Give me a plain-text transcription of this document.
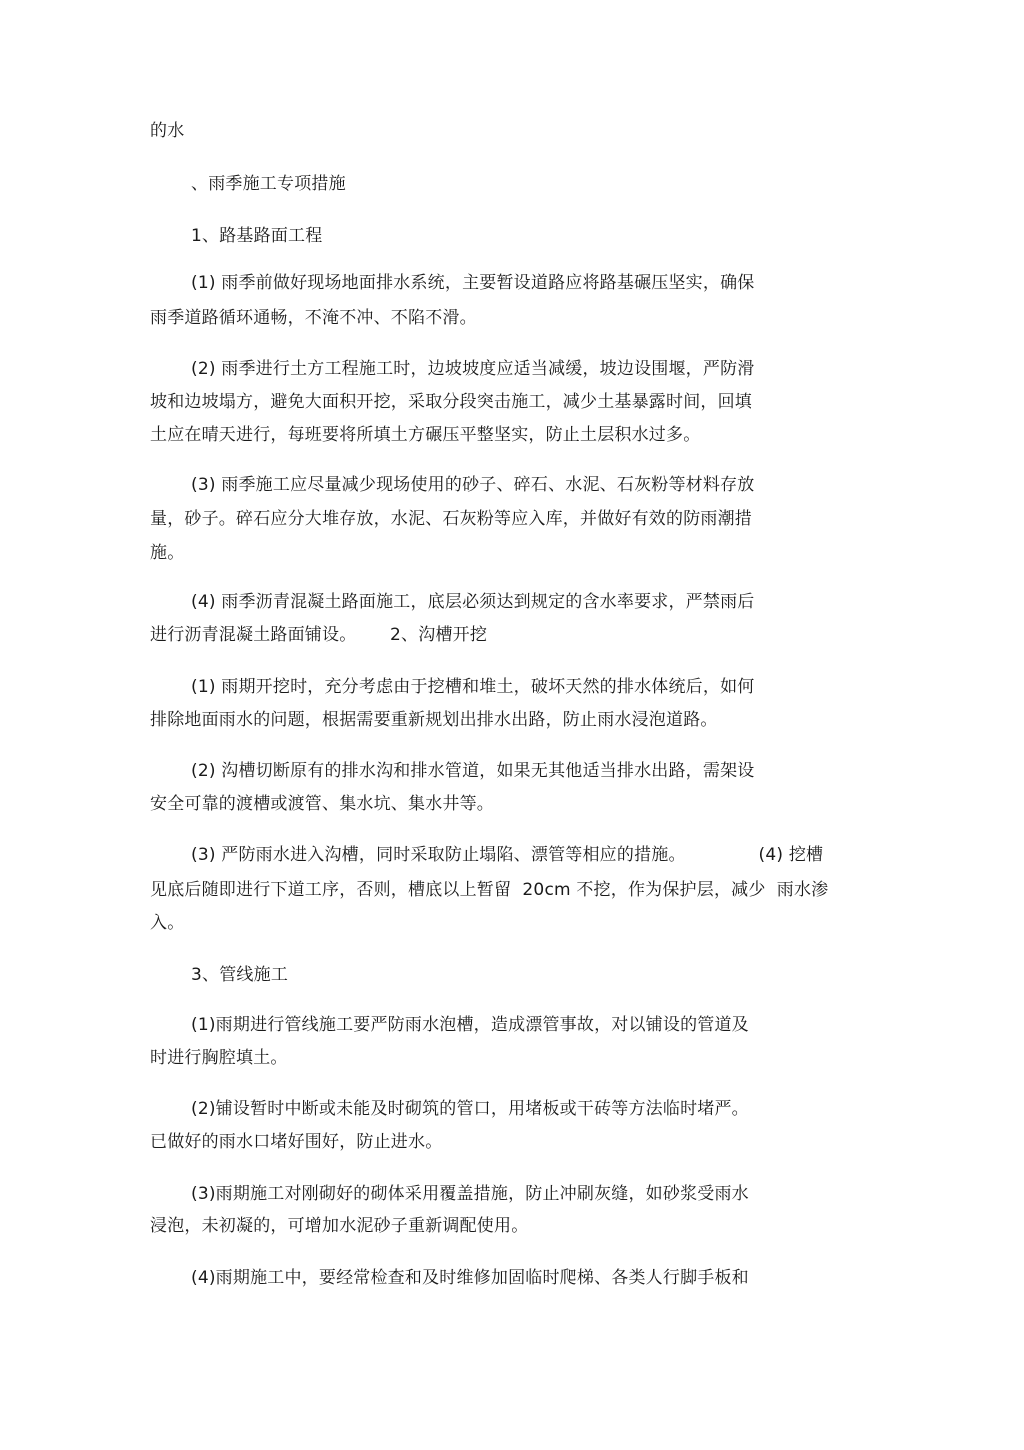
的水
、雨季施工专项措施
1、路基路面工程
(1) 雨季前做好现场地面排水系统，主要暂设道路应将路基碾压坚实，确保
雨季道路循环通畅，不淹不冲、不陷不滑。
(2) 雨季进行土方工程施工时，边坡坡度应适当减缓，坡边设围堰，严防滑
坡和边坡塌方，避免大面积开挖，采取分段突击施工，减少土基暴露时间，回填
土应在晴天进行，每班要将所填土方碾压平整坚实，防止土层积水过多。
(3) 雨季施工应尽量减少现场使用的砂子、碎石、水泥、石灰粉等材料存放
量，砂子。碎石应分大堆存放，水泥、石灰粉等应入库，并做好有效的防雨潮措
施。
(4) 雨季沥青混凝土路面施工，底层必须达到规定的含水率要求，严禁雨后
进行沥青混凝土路面铺设。      2、沟槽开挖
(1) 雨期开挖时，充分考虑由于挖槽和堆土，破坏天然的排水体统后，如何
排除地面雨水的问题，根据需要重新规划出排水出路，防止雨水浸泡道路。
(2) 沟槽切断原有的排水沟和排水管道，如果无其他适当排水出路，需架设
安全可靠的渡槽或渡管、集水坑、集水井等。
(3) 严防雨水进入沟槽，同时采取防止塌陷、漂管等相应的措施。             (4) 挖槽
见底后随即进行下道工序，否则，槽底以上暂留  20cm 不挖，作为保护层，减少  雨水渗
入。
3、管线施工
(1)雨期进行管线施工要严防雨水泡槽，造成漂管事故，对以铺设的管道及
时进行胸腔填土。
(2)铺设暂时中断或未能及时砌筑的管口，用堵板或干砖等方法临时堵严。
已做好的雨水口堵好围好，防止进水。
(3)雨期施工对刚砌好的砌体采用覆盖措施，防止冲刷灰缝，如砂浆受雨水
浸泡，未初凝的，可增加水泥砂子重新调配使用。
(4)雨期施工中，要经常检查和及时维修加固临时爬梯、各类人行脚手板和
